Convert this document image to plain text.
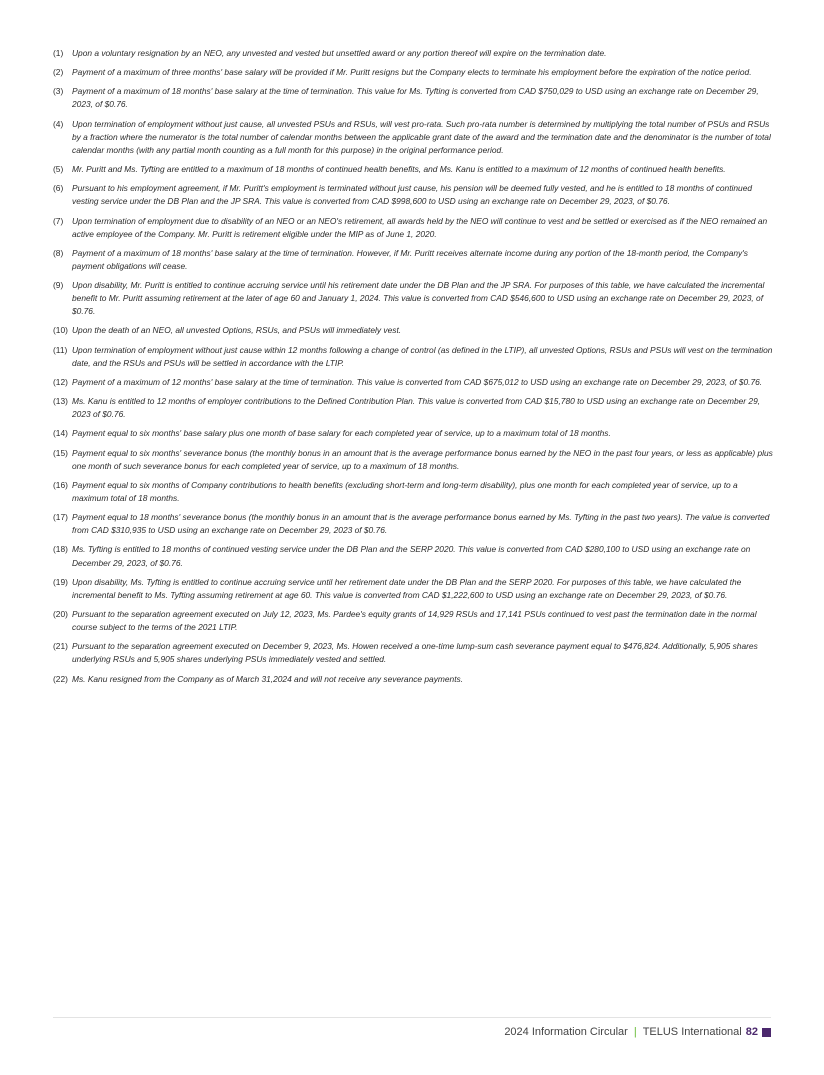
(1)	Upon a voluntary resignation by an NEO, any unvested and vested but unsettled award or any portion thereof will expire on the termination date.
(2)	Payment of a maximum of three months' base salary will be provided if Mr. Puritt resigns but the Company elects to terminate his employment before the expiration of the notice period.
(3)	Payment of a maximum of 18 months' base salary at the time of termination. This value for Ms. Tyfting is converted from CAD $750,029 to USD using an exchange rate on December 29, 2023, of $0.76.
(4)	Upon termination of employment without just cause, all unvested PSUs and RSUs, will vest pro-rata. Such pro-rata number is determined by multiplying the total number of PSUs and RSUs by a fraction where the numerator is the total number of calendar months between the applicable grant date of the award and the termination date and the denominator is the number of total calendar months (with any partial month counting as a full month for this purpose) in the original performance period.
(5)	Mr. Puritt and Ms. Tyfting are entitled to a maximum of 18 months of continued health benefits, and Ms. Kanu is entitled to a maximum of 12 months of continued health benefits.
(6)	Pursuant to his employment agreement, if Mr. Puritt's employment is terminated without just cause, his pension will be deemed fully vested, and he is entitled to 18 months of continued vesting service under the DB Plan and the JP SRA. This value is converted from CAD $998,600 to USD using an exchange rate on December 29, 2023, of $0.76.
(7)	Upon termination of employment due to disability of an NEO or an NEO's retirement, all awards held by the NEO will continue to vest and be settled or exercised as if the NEO remained an active employee of the Company. Mr. Puritt is retirement eligible under the MIP as of June 1, 2020.
(8)	Payment of a maximum of 18 months' base salary at the time of termination. However, if Mr. Puritt receives alternate income during any portion of the 18-month period, the Company's payment obligations will cease.
(9)	Upon disability, Mr. Puritt is entitled to continue accruing service until his retirement date under the DB Plan and the JP SRA. For purposes of this table, we have calculated the incremental benefit to Mr. Puritt assuming retirement at the later of age 60 and January 1, 2024. This value is converted from CAD $546,600 to USD using an exchange rate on December 29, 2023, of $0.76.
(10) Upon the death of an NEO, all unvested Options, RSUs, and PSUs will immediately vest.
(11) Upon termination of employment without just cause within 12 months following a change of control (as defined in the LTIP), all unvested Options, RSUs and PSUs will vest on the termination date, and the RSUs and PSUs will be settled in accordance with the LTIP.
(12) Payment of a maximum of 12 months' base salary at the time of termination. This value is converted from CAD $675,012 to USD using an exchange rate on December 29, 2023, of $0.76.
(13) Ms. Kanu is entitled to 12 months of employer contributions to the Defined Contribution Plan. This value is converted from CAD $15,780 to USD using an exchange rate on December 29, 2023 of $0.76.
(14) Payment equal to six months' base salary plus one month of base salary for each completed year of service, up to a maximum total of 18 months.
(15) Payment equal to six months' severance bonus (the monthly bonus in an amount that is the average performance bonus earned by the NEO in the past four years, or less as applicable) plus one month of such severance bonus for each completed year of service, up to a maximum of 18 months.
(16) Payment equal to six months of Company contributions to health benefits (excluding short-term and long-term disability), plus one month for each completed year of service, up to a maximum total of 18 months.
(17) Payment equal to 18 months' severance bonus (the monthly bonus in an amount that is the average performance bonus earned by Ms. Tyfting in the past two years). The value is converted from CAD $310,935 to USD using an exchange rate on December 29, 2023 of $0.76.
(18) Ms. Tyfting is entitled to 18 months of continued vesting service under the DB Plan and the SERP 2020. This value is converted from CAD $280,100 to USD using an exchange rate on December 29, 2023, of $0.76.
(19) Upon disability, Ms. Tyfting is entitled to continue accruing service until her retirement date under the DB Plan and the SERP 2020. For purposes of this table, we have calculated the incremental benefit to Ms. Tyfting assuming retirement at age 60. This value is converted from CAD $1,222,600 to USD using an exchange rate on December 29, 2023, of $0.76.
(20) Pursuant to the separation agreement executed on July 12, 2023, Ms. Pardee's equity grants of 14,929 RSUs and 17,141 PSUs continued to vest past the termination date in the normal course subject to the terms of the 2021 LTIP.
(21) Pursuant to the separation agreement executed on December 9, 2023, Ms. Howen received a one-time lump-sum cash severance payment equal to $476,824. Additionally, 5,905 shares underlying RSUs and 5,905 shares underlying PSUs immediately vested and settled.
(22) Ms. Kanu resigned from the Company as of March 31,2024 and will not receive any severance payments.
2024 Information Circular | TELUS International 82
